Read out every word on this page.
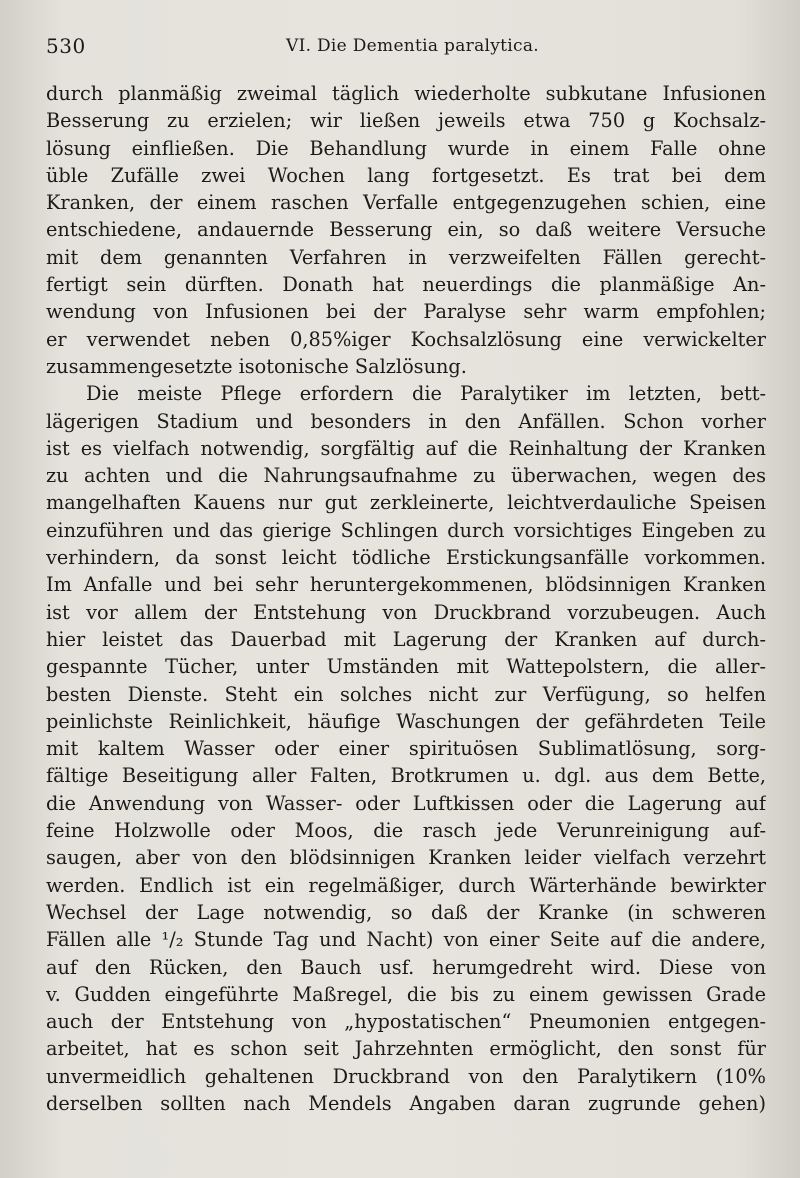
530	VI. Die Dementia paralytica.
durch planmäßig zweimal täglich wiederholte subkutane Infusionen
Besserung zu erzielen; wir ließen jeweils etwa 750 g Kochsalz-
lösung einfließen. Die Behandlung wurde in einem Falle ohne
üble Zufälle zwei Wochen lang fortgesetzt. Es trat bei dem
Kranken, der einem raschen Verfalle entgegenzugehen schien, eine
entschiedene, andauernde Besserung ein, so daß weitere Versuche
mit dem genannten Verfahren in verzweifelten Fällen gerecht-
fertigt sein dürften. Donath hat neuerdings die planmäßige An-
wendung von Infusionen bei der Paralyse sehr warm empfohlen;
er verwendet neben 0,85%iger Kochsalzlösung eine verwickelter
zusammengesetzte isotonische Salzlösung.
Die meiste Pflege erfordern die Paralytiker im letzten, bett-
lägerigen Stadium und besonders in den Anfällen. Schon vorher
ist es vielfach notwendig, sorgfältig auf die Reinhaltung der Kranken
zu achten und die Nahrungsaufnahme zu überwachen, wegen des
mangelhaften Kauens nur gut zerkleinerte, leichtverdauliche Speisen
einzuführen und das gierige Schlingen durch vorsichtiges Eingeben zu
verhindern, da sonst leicht tödliche Erstickungsanfälle vorkommen.
Im Anfalle und bei sehr heruntergekommenen, blödsinnigen Kranken
ist vor allem der Entstehung von Druckbrand vorzubeugen. Auch
hier leistet das Dauerbad mit Lagerung der Kranken auf durch-
gespannte Tücher, unter Umständen mit Wattepolstern, die aller-
besten Dienste. Steht ein solches nicht zur Verfügung, so helfen
peinlichste Reinlichkeit, häufige Waschungen der gefährdeten Teile
mit kaltem Wasser oder einer spirituösen Sublimatlösung, sorg-
fältige Beseitigung aller Falten, Brotkrumen u. dgl. aus dem Bette,
die Anwendung von Wasser- oder Luftkissen oder die Lagerung auf
feine Holzwolle oder Moos, die rasch jede Verunreinigung auf-
saugen, aber von den blödsinnigen Kranken leider vielfach verzehrt
werden. Endlich ist ein regelmäßiger, durch Wärterhände bewirkter
Wechsel der Lage notwendig, so daß der Kranke (in schweren
Fällen alle ¹/₂ Stunde Tag und Nacht) von einer Seite auf die andere,
auf den Rücken, den Bauch usf. herumgedreht wird. Diese von
v. Gudden eingeführte Maßregel, die bis zu einem gewissen Grade
auch der Entstehung von „hypostatischen“ Pneumonien entgegen-
arbeitet, hat es schon seit Jahrzehnten ermöglicht, den sonst für
unvermeidlich gehaltenen Druckbrand von den Paralytikern (10%
derselben sollten nach Mendels Angaben daran zugrunde gehen)
